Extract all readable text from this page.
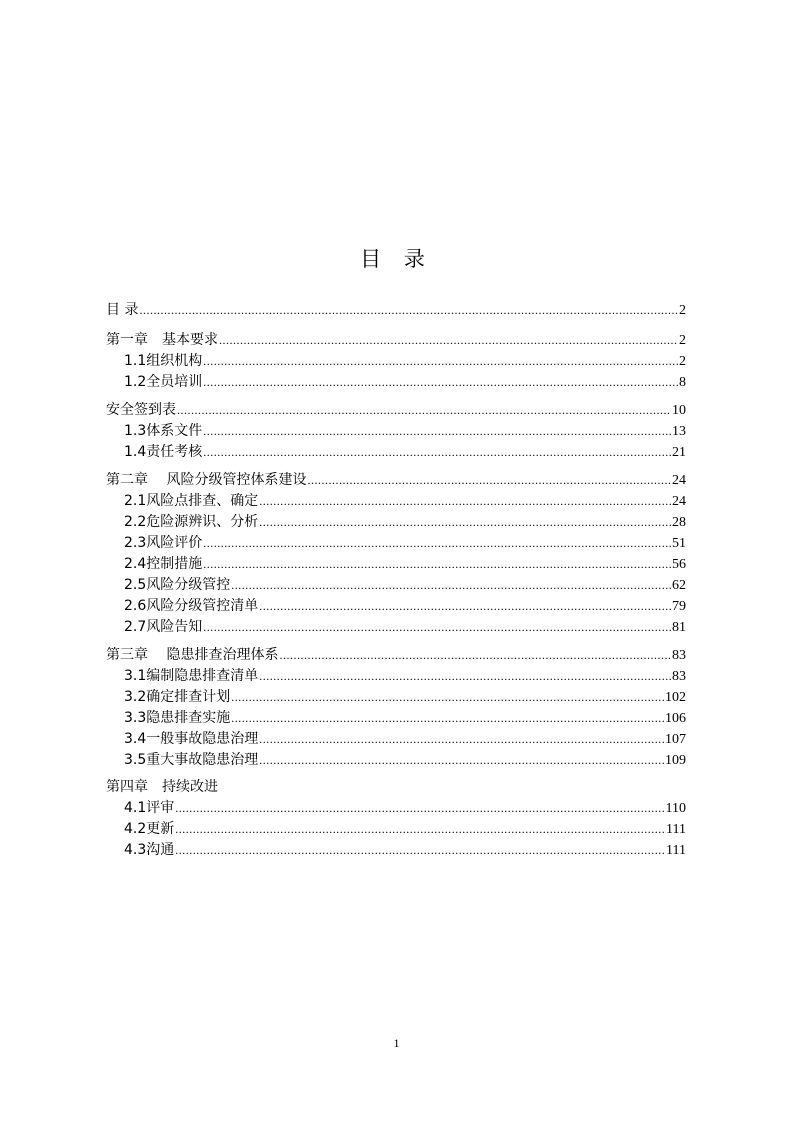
目 录
目 录 .....	2
第一章　基本要求 .....	2
1.1组织机构 .....	2
1.2全员培训 .....	8
安全签到表 .....	10
1.3体系文件 .....	13
1.4责任考核 .....	21
第二章　 风险分级管控体系建设 .....	24
2.1风险点排查、确定 .....	24
2.2危险源辨识、分析 .....	28
2.3风险评价 .....	51
2.4控制措施 .....	56
2.5风险分级管控 .....	62
2.6风险分级管控清单 .....	79
2.7风险告知 .....	81
第三章　 隐患排查治理体系 .....	83
3.1编制隐患排查清单 .....	83
3.2确定排查计划 .....	102
3.3隐患排查实施 .....	106
3.4一般事故隐患治理 .....	107
3.5重大事故隐患治理 .....	109
第四章　持续改进
4.1评审 .....	110
4.2更新 .....	111
4.3沟通 .....	111
1
